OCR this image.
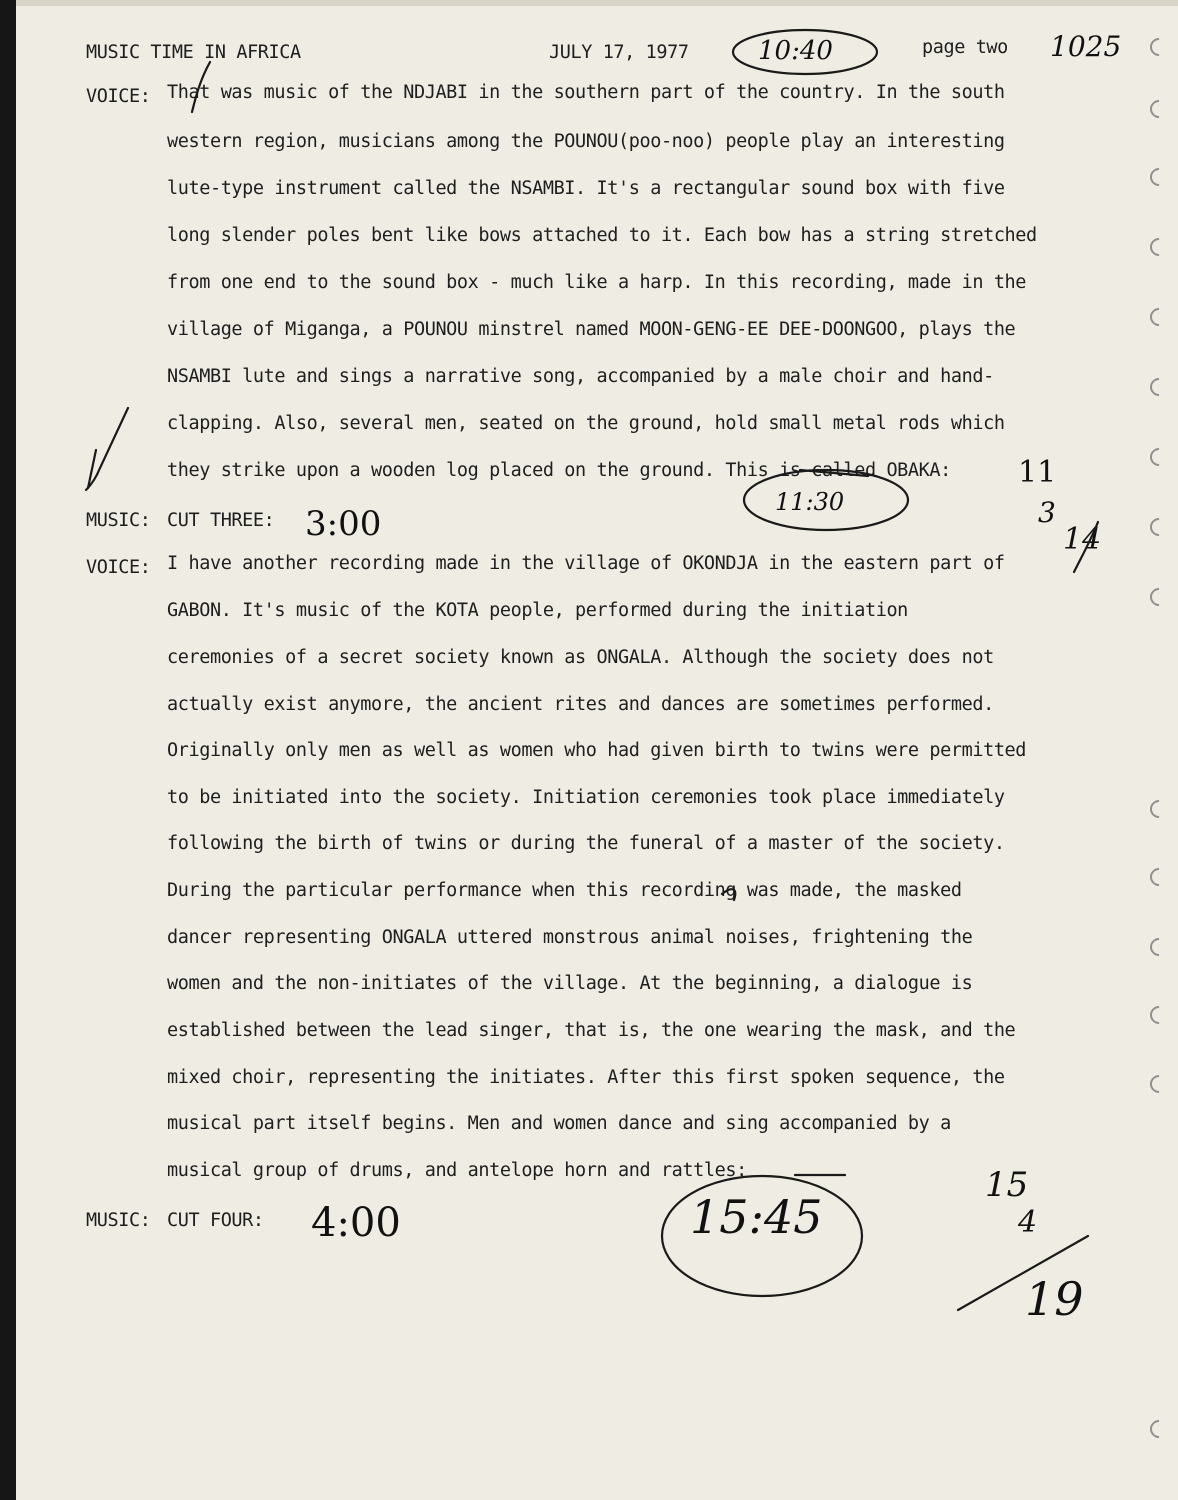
MUSIC TIME IN AFRICA	JULY 17, 1977	page two
VOICE: That was music of the NDJABI in the southern part of the country. In the south
western region, musicians among the POUNOU(poo-noo) people play an interesting
lute-type instrument called the NSAMBI. It's a rectangular sound box with five
long slender poles bent like bows attached to it. Each bow has a string stretched
from one end to the sound box - much like a harp. In this recording, made in the
village of Miganga, a POUNOU minstrel named MOON-GENG-EE DEE-DOONGOO, plays the
NSAMBI lute and sings a narrative song, accompanied by a male choir and hand-
clapping. Also, several men, seated on the ground, hold small metal rods which
they strike upon a wooden log placed on the ground. This is called OBAKA:
MUSIC: CUT THREE:
VOICE: I have another recording made in the village of OKONDJA in the eastern part of
GABON. It's music of the KOTA people, performed during the initiation
ceremonies of a secret society known as ONGALA. Although the society does not
actually exist anymore, the ancient rites and dances are sometimes performed.
Originally only men as well as women who had given birth to twins were permitted
to be initiated into the society. Initiation ceremonies took place immediately
following the birth of twins or during the funeral of a master of the society.
During the particular performance when this recording was made, the masked
dancer representing ONGALA uttered monstrous animal noises, frightening the
women and the non-initiates of the village. At the beginning, a dialogue is
established between the lead singer, that is, the one wearing the mask, and the
mixed choir, representing the initiates. After this first spoken sequence, the
musical part itself begins. Men and women dance and sing accompanied by a
musical group of drums, and antelope horn and rattles:
MUSIC: CUT FOUR:
10:40	1025
11
11:30	3
14
3:00
4:00	15:45
15
4
19
